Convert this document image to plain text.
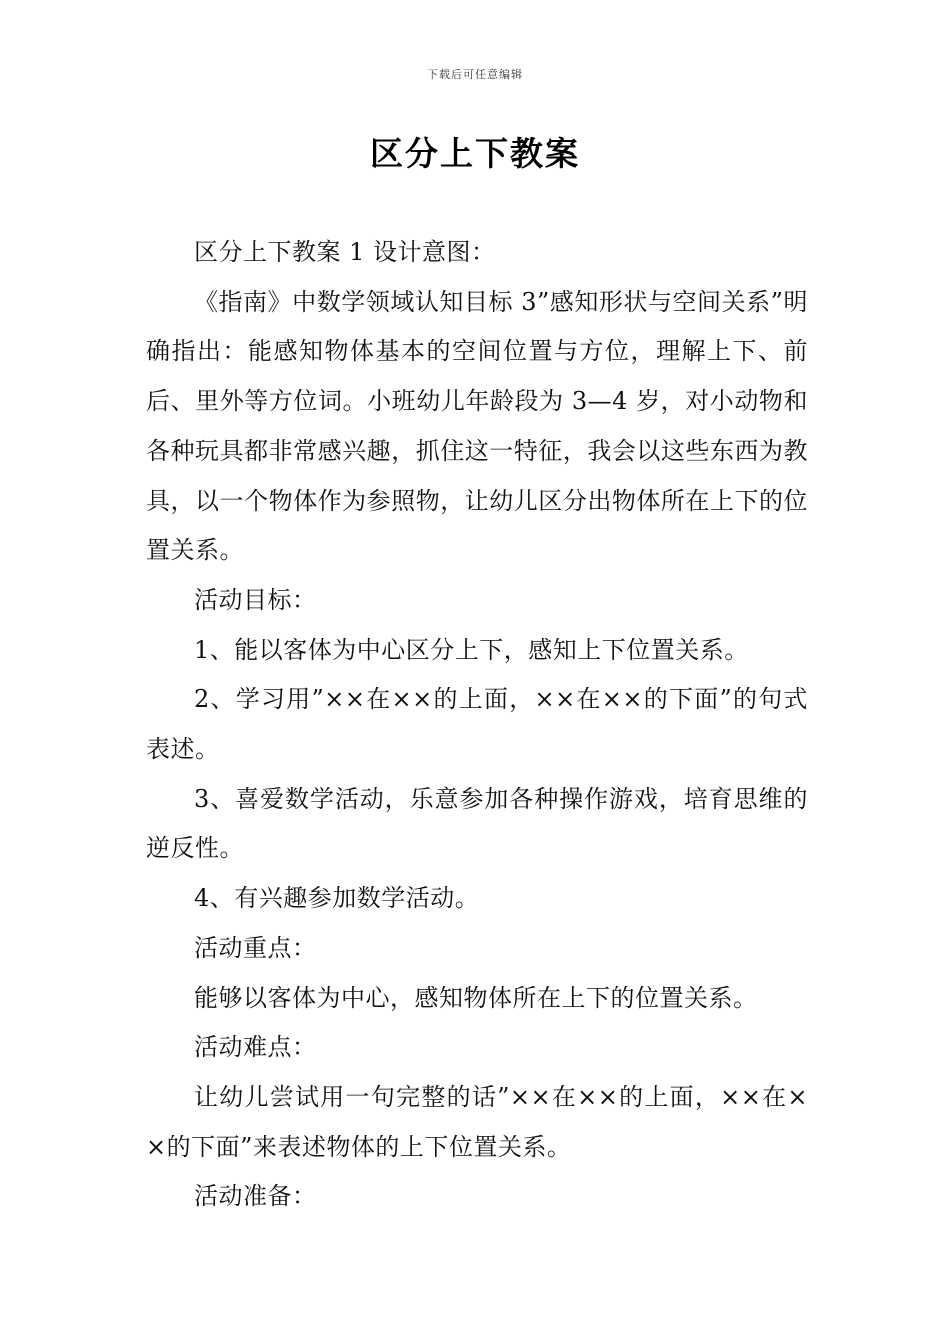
下载后可任意编辑
区分上下教案

区分上下教案 1 设计意图：

《指南》中数学领域认知目标 3”感知形状与空间关系”明确指出：能感知物体基本的空间位置与方位，理解上下、前后、里外等方位词。小班幼儿年龄段为 3—4 岁，对小动物和各种玩具都非常感兴趣，抓住这一特征，我会以这些东西为教具，以一个物体作为参照物，让幼儿区分出物体所在上下的位置关系。

活动目标：

1、能以客体为中心区分上下，感知上下位置关系。

2、学习用”××在××的上面，××在××的下面”的句式表述。

3、喜爱数学活动，乐意参加各种操作游戏，培育思维的逆反性。

4、有兴趣参加数学活动。

活动重点：

能够以客体为中心，感知物体所在上下的位置关系。

活动难点：

让幼儿尝试用一句完整的话”××在××的上面，××在××的下面”来表述物体的上下位置关系。

活动准备：
